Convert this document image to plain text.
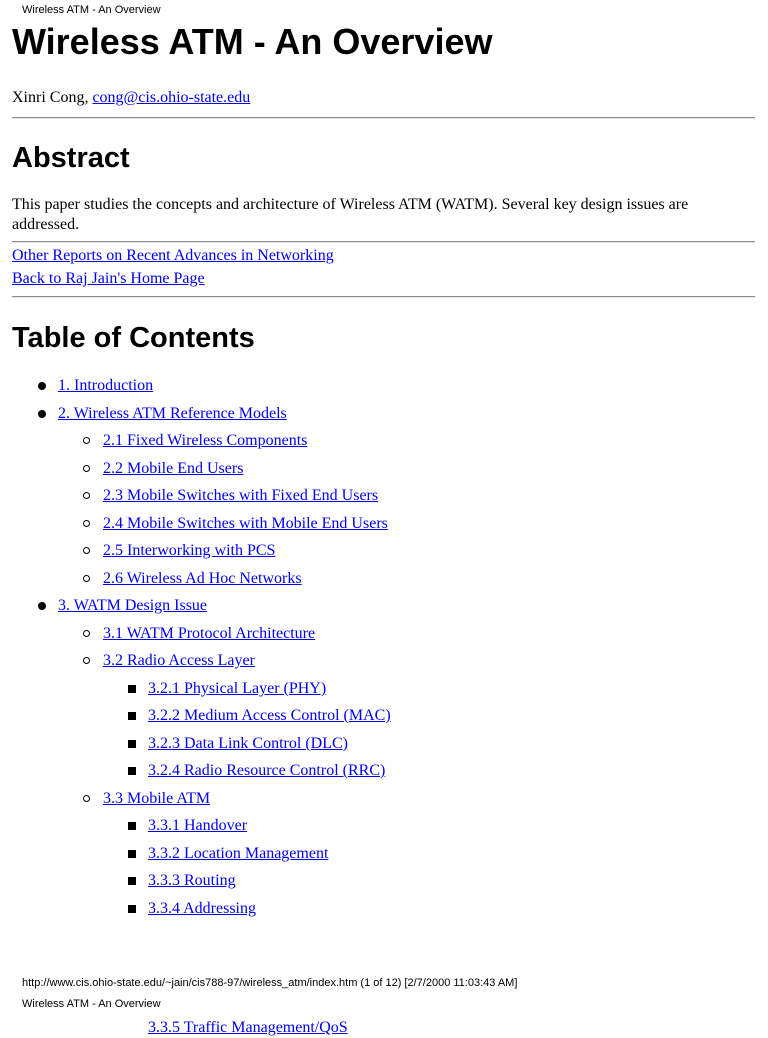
Wireless ATM - An Overview
Wireless ATM - An Overview
Xinri Cong, cong@cis.ohio-state.edu
Abstract
This paper studies the concepts and architecture of Wireless ATM (WATM). Several key design issues are addressed.
Other Reports on Recent Advances in Networking
Back to Raj Jain's Home Page
Table of Contents
1. Introduction
2. Wireless ATM Reference Models
2.1 Fixed Wireless Components
2.2 Mobile End Users
2.3 Mobile Switches with Fixed End Users
2.4 Mobile Switches with Mobile End Users
2.5 Interworking with PCS
2.6 Wireless Ad Hoc Networks
3. WATM Design Issue
3.1 WATM Protocol Architecture
3.2 Radio Access Layer
3.2.1 Physical Layer (PHY)
3.2.2 Medium Access Control (MAC)
3.2.3 Data Link Control (DLC)
3.2.4 Radio Resource Control (RRC)
3.3 Mobile ATM
3.3.1 Handover
3.3.2 Location Management
3.3.3 Routing
3.3.4 Addressing
http://www.cis.ohio-state.edu/~jain/cis788-97/wireless_atm/index.htm (1 of 12) [2/7/2000 11:03:43 AM]
Wireless ATM - An Overview
3.3.5 Traffic Management/QoS
